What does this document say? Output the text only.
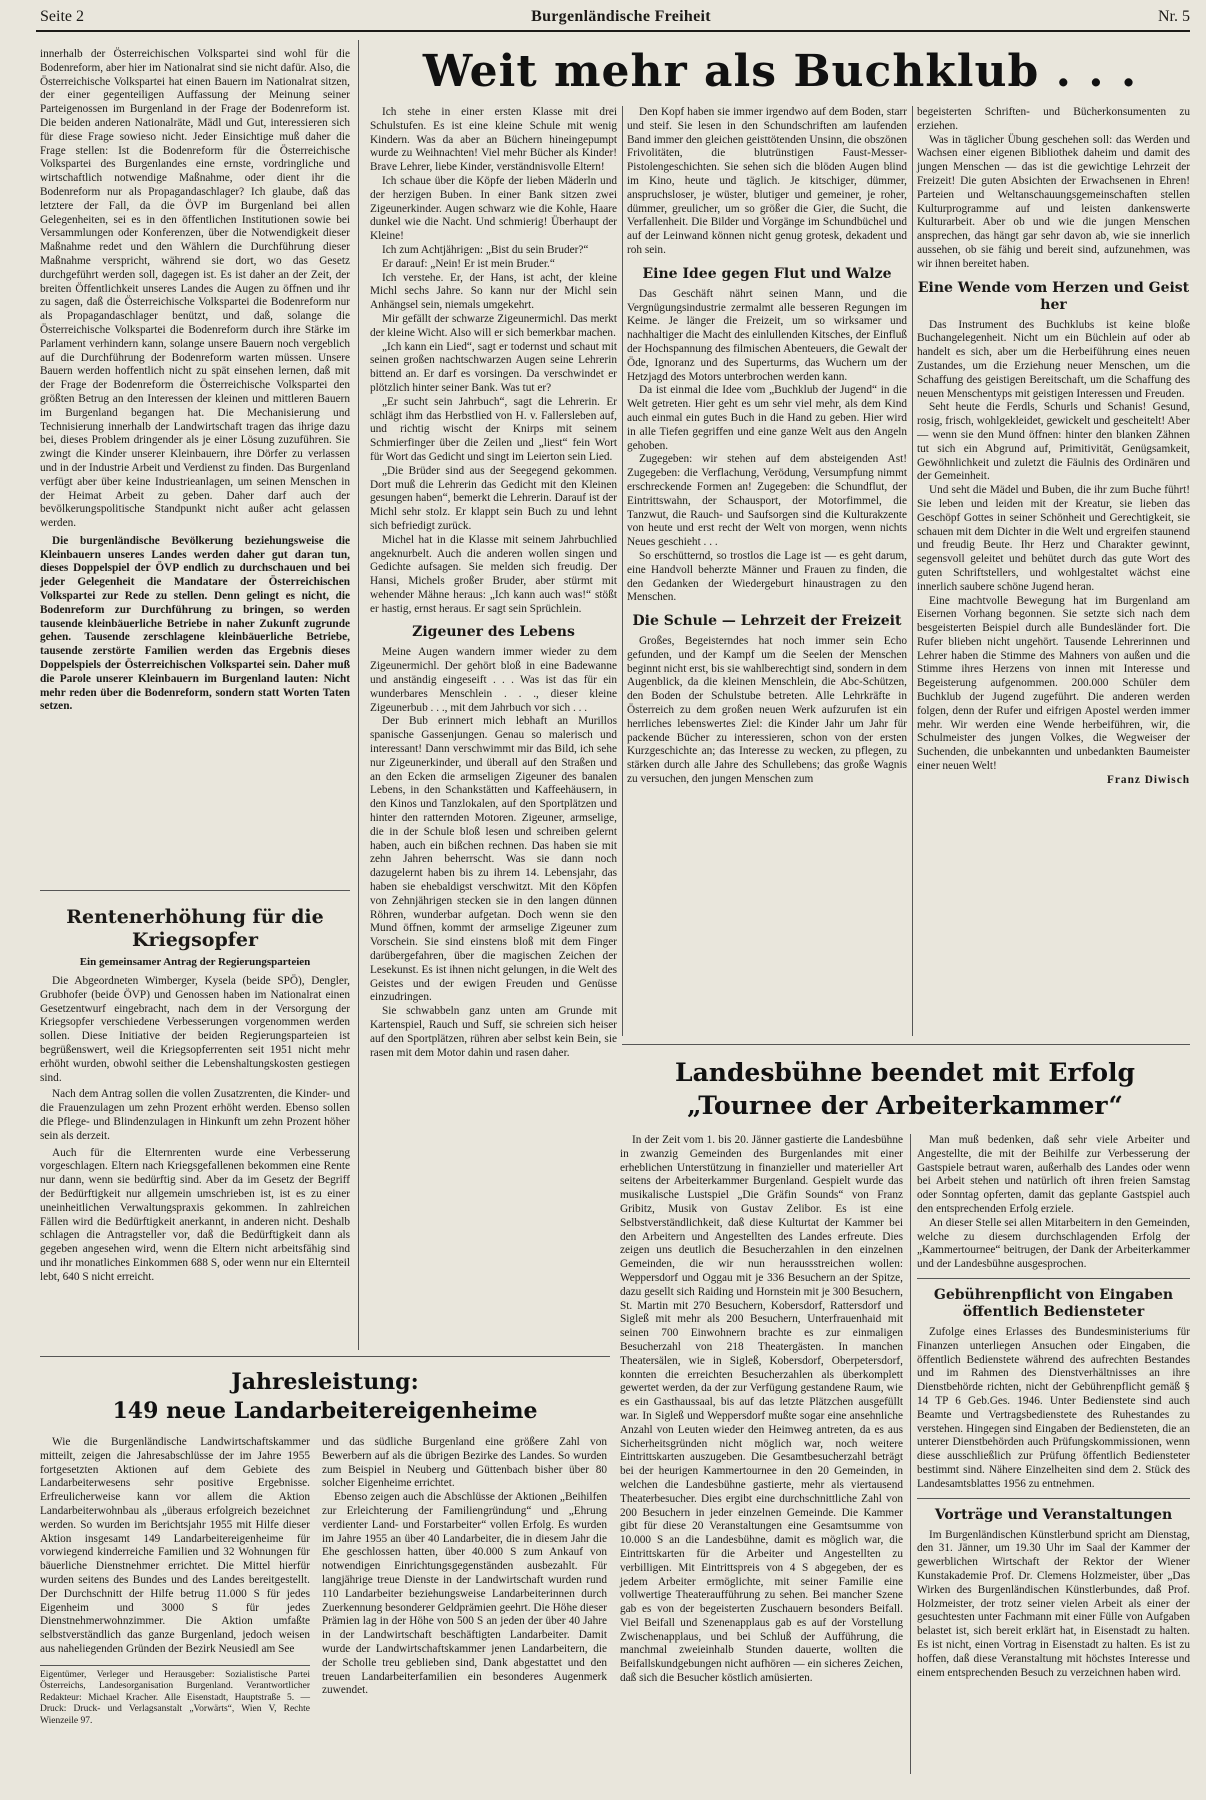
Seite 2	Burgenländische Freiheit	Nr. 5

innerhalb der Österreichischen Volkspartei sind wohl für die Bodenreform, aber hier im Nationalrat sind sie nicht dafür. Also, die Österreichische Volkspartei hat einen Bauern im Nationalrat sitzen, der einer gegenteiligen Auffassung der Meinung seiner Parteigenossen im Burgenland in der Frage der Bodenreform ist. Die beiden anderen Nationalräte, Mädl und Gut, interessieren sich für diese Frage sowieso nicht. Jeder Einsichtige muß daher die Frage stellen: Ist die Bodenreform für die Österreichische Volkspartei des Burgenlandes eine ernste, vordringliche und wirtschaftlich notwendige Maßnahme, oder dient ihr die Bodenreform nur als Propagandaschlager? Ich glaube, daß das letztere der Fall, da die ÖVP im Burgenland bei allen Gelegenheiten, sei es in den öffentlichen Institutionen sowie bei Versammlungen oder Konferenzen, über die Notwendigkeit dieser Maßnahme redet und den Wählern die Durchführung dieser Maßnahme verspricht, während sie dort, wo das Gesetz durchgeführt werden soll, dagegen ist. Es ist daher an der Zeit, der breiten Öffentlichkeit unseres Landes die Augen zu öffnen und ihr zu sagen, daß die Österreichische Volkspartei die Bodenreform nur als Propagandaschlager benützt, und daß, solange die Österreichische Volkspartei die Bodenreform durch ihre Stärke im Parlament verhindern kann, solange unsere Bauern noch vergeblich auf die Durchführung der Bodenreform warten müssen. Unsere Bauern werden hoffentlich nicht zu spät einsehen lernen, daß mit der Frage der Bodenreform die Österreichische Volkspartei den größten Betrug an den Interessen der kleinen und mittleren Bauern im Burgenland begangen hat. Die Mechanisierung und Technisierung innerhalb der Landwirtschaft tragen das ihrige dazu bei, dieses Problem dringender als je einer Lösung zuzuführen. Sie zwingt die Kinder unserer Kleinbauern, ihre Dörfer zu verlassen und in der Industrie Arbeit und Verdienst zu finden. Das Burgenland verfügt aber über keine Industrieanlagen, um seinen Menschen in der Heimat Arbeit zu geben. Daher darf auch der bevölkerungspolitische Standpunkt nicht außer acht gelassen werden.

Die burgenländische Bevölkerung beziehungsweise die Kleinbauern unseres Landes werden daher gut daran tun, dieses Doppelspiel der ÖVP endlich zu durchschauen und bei jeder Gelegenheit die Mandatare der Österreichischen Volkspartei zur Rede zu stellen. Denn gelingt es nicht, die Bodenreform zur Durchführung zu bringen, so werden tausende kleinbäuerliche Betriebe in naher Zukunft zugrunde gehen. Tausende zerschlagene kleinbäuerliche Betriebe, tausende zerstörte Familien werden das Ergebnis dieses Doppelspiels der Österreichischen Volkspartei sein. Daher muß die Parole unserer Kleinbauern im Burgenland lauten: Nicht mehr reden über die Bodenreform, sondern statt Worten Taten setzen.

Rentenerhöhung für die Kriegsopfer
Ein gemeinsamer Antrag der Regierungsparteien

Die Abgeordneten Wimberger, Kysela (beide SPÖ), Dengler, Grubhofer (beide ÖVP) und Genossen haben im Nationalrat einen Gesetzentwurf eingebracht, nach dem in der Versorgung der Kriegsopfer verschiedene Verbesserungen vorgenommen werden sollen. Diese Initiative der beiden Regierungsparteien ist begrüßenswert, weil die Kriegsopferrenten seit 1951 nicht mehr erhöht wurden, obwohl seither die Lebenshaltungskosten gestiegen sind.

Nach dem Antrag sollen die vollen Zusatzrenten, die Kinder- und die Frauenzulagen um zehn Prozent erhöht werden. Ebenso sollen die Pflege- und Blindenzulagen in Hinkunft um zehn Prozent höher sein als derzeit.

Auch für die Elternrenten wurde eine Verbesserung vorgeschlagen. Eltern nach Kriegsgefallenen bekommen eine Rente nur dann, wenn sie bedürftig sind. Aber da im Gesetz der Begriff der Bedürftigkeit nur allgemein umschrieben ist, ist es zu einer uneinheitlichen Verwaltungspraxis gekommen. In zahlreichen Fällen wird die Bedürftigkeit anerkannt, in anderen nicht. Deshalb schlagen die Antragsteller vor, daß die Bedürftigkeit dann als gegeben angesehen wird, wenn die Eltern nicht arbeitsfähig sind und ihr monatliches Einkommen 688 S, oder wenn nur ein Elternteil lebt, 640 S nicht erreicht.

Weit mehr als Buchklub . . .

Ich stehe in einer ersten Klasse mit drei Schulstufen. Es ist eine kleine Schule mit wenig Kindern. Was da aber an Büchern hineingepumpt wurde zu Weihnachten! Viel mehr Bücher als Kinder! Brave Lehrer, liebe Kinder, verständnisvolle Eltern!

Ich schaue über die Köpfe der lieben Mäderln und der herzigen Buben. In einer Bank sitzen zwei Zigeunerkinder. Augen schwarz wie die Kohle, Haare dunkel wie die Nacht. Und schmierig! Überhaupt der Kleine!

Ich zum Achtjährigen: „Bist du sein Bruder?“

Er darauf: „Nein! Er ist mein Bruder.“

Ich verstehe. Er, der Hans, ist acht, der kleine Michl sechs Jahre. So kann nur der Michl sein Anhängsel sein, niemals umgekehrt.

Mir gefällt der schwarze Zigeunermichl. Das merkt der kleine Wicht. Also will er sich bemerkbar machen.

„Ich kann ein Lied“, sagt er todernst und schaut mit seinen großen nachtschwarzen Augen seine Lehrerin bittend an. Er darf es vorsingen. Da verschwindet er plötzlich hinter seiner Bank. Was tut er?

„Er sucht sein Jahrbuch“, sagt die Lehrerin. Er schlägt ihm das Herbstlied von H. v. Fallersleben auf, und richtig wischt der Knirps mit seinem Schmierfinger über die Zeilen und „liest“ fein Wort für Wort das Gedicht und singt im Leierton sein Lied.

„Die Brüder sind aus der Seegegend gekommen. Dort muß die Lehrerin das Gedicht mit den Kleinen gesungen haben“, bemerkt die Lehrerin. Darauf ist der Michl sehr stolz. Er klappt sein Buch zu und lehnt sich befriedigt zurück.

Michel hat in die Klasse mit seinem Jahrbuchlied angeknurbelt. Auch die anderen wollen singen und Gedichte aufsagen. Sie melden sich freudig. Der Hansi, Michels großer Bruder, aber stürmt mit wehender Mähne heraus: „Ich kann auch was!“ stößt er hastig, ernst heraus. Er sagt sein Sprüchlein.

Zigeuner des Lebens

Meine Augen wandern immer wieder zu dem Zigeunermichl. Der gehört bloß in eine Badewanne und anständig eingeseift . . . Was ist das für ein wunderbares Menschlein . . ., dieser kleine Zigeunerbub . . ., mit dem Jahrbuch vor sich . . .

Der Bub erinnert mich lebhaft an Murillos spanische Gassenjungen. Genau so malerisch und interessant! Dann verschwimmt mir das Bild, ich sehe nur Zigeunerkinder, und überall auf den Straßen und an den Ecken die armseligen Zigeuner des banalen Lebens, in den Schankstätten und Kaffeehäusern, in den Kinos und Tanzlokalen, auf den Sportplätzen und hinter den ratternden Motoren. Zigeuner, armselige, die in der Schule bloß lesen und schreiben gelernt haben, auch ein bißchen rechnen. Das haben sie mit zehn Jahren beherrscht. Was sie dann noch dazugelernt haben bis zu ihrem 14. Lebensjahr, das haben sie ehebaldigst verschwitzt. Mit den Köpfen von Zehnjährigen stecken sie in den langen dünnen Röhren, wunderbar aufgetan. Doch wenn sie den Mund öffnen, kommt der armselige Zigeuner zum Vorschein. Sie sind einstens bloß mit dem Finger darübergefahren, über die magischen Zeichen der Lesekunst. Es ist ihnen nicht gelungen, in die Welt des Geistes und der ewigen Freuden und Genüsse einzudringen.

Sie schwabbeln ganz unten am Grunde mit Kartenspiel, Rauch und Suff, sie schreien sich heiser auf den Sportplätzen, rühren aber selbst kein Bein, sie rasen mit dem Motor dahin und rasen daher.

Den Kopf haben sie immer irgendwo auf dem Boden, starr und steif. Sie lesen in den Schundschriften am laufenden Band immer den gleichen geisttötenden Unsinn, die obszönen Frivolitäten, die blutrünstigen Faust-Messer-Pistolengeschichten. Sie sehen sich die blöden Augen blind im Kino, heute und täglich. Je kitschiger, dümmer, anspruchsloser, je wüster, blutiger und gemeiner, je roher, dümmer, greulicher, um so größer die Gier, die Sucht, die Verfallenheit. Die Bilder und Vorgänge im Schundbüchel und auf der Leinwand können nicht genug grotesk, dekadent und roh sein.

Eine Idee gegen Flut und Walze

Das Geschäft nährt seinen Mann, und die Vergnügungsindustrie zermalmt alle besseren Regungen im Keime. Je länger die Freizeit, um so wirksamer und nachhaltiger die Macht des einlullenden Kitsches, der Einfluß der Hochspannung des filmischen Abenteuers, die Gewalt der Öde, Ignoranz und des Superturms, das Wuchern um der Hetzjagd des Motors unterbrochen werden kann.

Da ist einmal die Idee vom „Buchklub der Jugend“ in die Welt getreten. Hier geht es um sehr viel mehr, als dem Kind auch einmal ein gutes Buch in die Hand zu geben. Hier wird in alle Tiefen gegriffen und eine ganze Welt aus den Angeln gehoben.

Zugegeben: wir stehen auf dem absteigenden Ast! Zugegeben: die Verflachung, Verödung, Versumpfung nimmt erschreckende Formen an! Zugegeben: die Schundflut, der Eintrittswahn, der Schausport, der Motorfimmel, die Tanzwut, die Rauch- und Saufsorgen sind die Kulturakzente von heute und erst recht der Welt von morgen, wenn nichts Neues geschieht . . .

So erschütternd, so trostlos die Lage ist — es geht darum, eine Handvoll beherzte Männer und Frauen zu finden, die den Gedanken der Wiedergeburt hinaustragen zu den Menschen.

Die Schule — Lehrzeit der Freizeit

Großes, Begeisterndes hat noch immer sein Echo gefunden, und der Kampf um die Seelen der Menschen beginnt nicht erst, bis sie wahlberechtigt sind, sondern in dem Augenblick, da die kleinen Menschlein, die Abc-Schützen, den Boden der Schulstube betreten. Alle Lehrkräfte in Österreich zu dem großen neuen Werk aufzurufen ist ein herrliches lebenswertes Ziel: die Kinder Jahr um Jahr für packende Bücher zu interessieren, schon von der ersten Kurzgeschichte an; das Interesse zu wecken, zu pflegen, zu stärken durch alle Jahre des Schullebens; das große Wagnis zu versuchen, den jungen Menschen zum

begeisterten Schriften- und Bücherkonsumenten zu erziehen.

Was in täglicher Übung geschehen soll: das Werden und Wachsen einer eigenen Bibliothek daheim und damit des jungen Menschen — das ist die gewichtige Lehrzeit der Freizeit! Die guten Absichten der Erwachsenen in Ehren! Parteien und Weltanschauungsgemeinschaften stellen Kulturprogramme auf und leisten dankenswerte Kulturarbeit. Aber ob und wie die jungen Menschen ansprechen, das hängt gar sehr davon ab, wie sie innerlich aussehen, ob sie fähig und bereit sind, aufzunehmen, was wir ihnen bereitet haben.

Eine Wende vom Herzen und Geist her

Das Instrument des Buchklubs ist keine bloße Buchangelegenheit. Nicht um ein Büchlein auf oder ab handelt es sich, aber um die Herbeiführung eines neuen Zustandes, um die Erziehung neuer Menschen, um die Schaffung des geistigen Bereitschaft, um die Schaffung des neuen Menschentyps mit geistigen Interessen und Freuden.

Seht heute die Ferdls, Schurls und Schanis! Gesund, rosig, frisch, wohlgekleidet, gewickelt und gescheitelt! Aber — wenn sie den Mund öffnen: hinter den blanken Zähnen tut sich ein Abgrund auf, Primitivität, Genügsamkeit, Gewöhnlichkeit und zuletzt die Fäulnis des Ordinären und der Gemeinheit.

Und seht die Mädel und Buben, die ihr zum Buche führt! Sie leben und leiden mit der Kreatur, sie lieben das Geschöpf Gottes in seiner Schönheit und Gerechtigkeit, sie schauen mit dem Dichter in die Welt und ergreifen staunend und freudig Beute. Ihr Herz und Charakter gewinnt, segensvoll geleitet und behütet durch das gute Wort des guten Schriftstellers, und wohlgestaltet wächst eine innerlich saubere schöne Jugend heran.

Eine machtvolle Bewegung hat im Burgenland am Eisernen Vorhang begonnen. Sie setzte sich nach dem besgeisterten Beispiel durch alle Bundesländer fort. Die Rufer blieben nicht ungehört. Tausende Lehrerinnen und Lehrer haben die Stimme des Mahners von außen und die Stimme ihres Herzens von innen mit Interesse und Begeisterung aufgenommen. 200.000 Schüler dem Buchklub der Jugend zugeführt. Die anderen werden folgen, denn der Rufer und eifrigen Apostel werden immer mehr. Wir werden eine Wende herbeiführen, wir, die Schulmeister des jungen Volkes, die Wegweiser der Suchenden, die unbekannten und unbedankten Baumeister einer neuen Welt!

Franz Diwisch
Landesbühne beendet mit Erfolg „Tournee der Arbeiterkammer“

In der Zeit vom 1. bis 20. Jänner gastierte die Landesbühne in zwanzig Gemeinden des Burgenlandes mit einer erheblichen Unterstützung in finanzieller und materieller Art seitens der Arbeiterkammer Burgenland. Gespielt wurde das musikalische Lustspiel „Die Gräfin Sounds“ von Franz Gribitz, Musik von Gustav Zelibor. Es ist eine Selbstverständlichkeit, daß diese Kulturtat der Kammer bei den Arbeitern und Angestellten des Landes erfreute. Dies zeigen uns deutlich die Besucherzahlen in den einzelnen Gemeinden, die wir nun heraussstreichen wollen: Weppersdorf und Oggau mit je 336 Besuchern an der Spitze, dazu gesellt sich Raiding und Hornstein mit je 300 Besuchern, St. Martin mit 270 Besuchern, Kobersdorf, Rattersdorf und Sigleß mit mehr als 200 Besuchern, Unterfrauenhaid mit seinen 700 Einwohnern brachte es zur einmaligen Besucherzahl von 218 Theatergästen. In manchen Theatersälen, wie in Sigleß, Kobersdorf, Oberpetersdorf, konnten die erreichten Besucherzahlen als überkomplett gewertet werden, da der zur Verfügung gestandene Raum, wie es ein Gasthaussaal, bis auf das letzte Plätzchen ausgefüllt war. In Sigleß und Weppersdorf mußte sogar eine ansehnliche Anzahl von Leuten wieder den Heimweg antreten, da es aus Sicherheitsgründen nicht möglich war, noch weitere Eintrittskarten auszugeben. Die Gesamtbesucherzahl beträgt bei der heurigen Kammertournee in den 20 Gemeinden, in welchen die Landesbühne gastierte, mehr als viertausend Theaterbesucher. Dies ergibt eine durchschnittliche Zahl von 200 Besuchern in jeder einzelnen Gemeinde. Die Kammer gibt für diese 20 Veranstaltungen eine Gesamtsumme von 10.000 S an die Landesbühne, damit es möglich war, die Eintrittskarten für die Arbeiter und Angestellten zu verbilligen. Mit Eintrittspreis von 4 S abgegeben, der es jedem Arbeiter ermöglichte, mit seiner Familie eine vollwertige Theateraufführung zu sehen. Bei mancher Szene gab es von der begeisterten Zuschauern besonders Beifall. Viel Beifall und Szenenapplaus gab es auf der Vorstellung Zwischenapplaus, und bei Schluß der Aufführung, die manchmal zweieinhalb Stunden dauerte, wollten die Beifallskundgebungen nicht aufhören — ein sicheres Zeichen, daß sich die Besucher köstlich amüsierten.

Man muß bedenken, daß sehr viele Arbeiter und Angestellte, die mit der Beihilfe zur Verbesserung der Gastspiele betraut waren, außerhalb des Landes oder wenn bei Arbeit stehen und natürlich oft ihren freien Samstag oder Sonntag opferten, damit das geplante Gastspiel auch den entsprechenden Erfolg erziele.

An dieser Stelle sei allen Mitarbeitern in den Gemeinden, welche zu diesem durchschlagenden Erfolg der „Kammertournee“ beitrugen, der Dank der Arbeiterkammer und der Landesbühne ausgesprochen.

Gebührenpflicht von Eingaben öffentlich Bediensteter

Zufolge eines Erlasses des Bundesministeriums für Finanzen unterliegen Ansuchen oder Eingaben, die öffentlich Bedienstete während des aufrechten Bestandes und im Rahmen des Dienstverhältnisses an ihre Dienstbehörde richten, nicht der Gebührenpflicht gemäß § 14 TP 6 Geb.Ges. 1946. Unter Bedienstete sind auch Beamte und Vertragsbedienstete des Ruhestandes zu verstehen. Hingegen sind Eingaben der Bediensteten, die an unterer Dienstbehörden auch Prüfungskommissionen, wenn diese ausschließlich zur Prüfung öffentlich Bediensteter bestimmt sind. Nähere Einzelheiten sind dem 2. Stück des Landesamtsblattes 1956 zu entnehmen.

Vorträge und Veranstaltungen

Im Burgenländischen Künstlerbund spricht am Dienstag, den 31. Jänner, um 19.30 Uhr im Saal der Kammer der gewerblichen Wirtschaft der Rektor der Wiener Kunstakademie Prof. Dr. Clemens Holzmeister, über „Das Wirken des Burgenländischen Künstlerbundes, daß Prof. Holzmeister, der trotz seiner vielen Arbeit als einer der gesuchtesten unter Fachmann mit einer Fülle von Aufgaben belastet ist, sich bereit erklärt hat, in Eisenstadt zu halten. Es ist nicht, einen Vortrag in Eisenstadt zu halten. Es ist zu hoffen, daß diese Veranstaltung mit höchstes Interesse und einem entsprechenden Besuch zu verzeichnen haben wird.

Jahresleistung:
149 neue Landarbeitereigenheime

Wie die Burgenländische Landwirtschaftskammer mitteilt, zeigen die Jahresabschlüsse der im Jahre 1955 fortgesetzten Aktionen auf dem Gebiete des Landarbeiterwesens sehr positive Ergebnisse. Erfreulicherweise kann vor allem die Aktion Landarbeiterwohnbau als „überaus erfolgreich bezeichnet werden. So wurden im Berichtsjahr 1955 mit Hilfe dieser Aktion insgesamt 149 Landarbeitereigenheime für vorwiegend kinderreiche Familien und 32 Wohnungen für bäuerliche Dienstnehmer errichtet. Die Mittel hierfür wurden seitens des Bundes und des Landes bereitgestellt. Der Durchschnitt der Hilfe betrug 11.000 S für jedes Eigenheim und 3000 S für jedes Dienstnehmerwohnzimmer. Die Aktion umfaßte selbstverständlich das ganze Burgenland, jedoch weisen aus naheliegenden Gründen der Bezirk Neusiedl am See

Eigentümer, Verleger und Herausgeber: Sozialistische Partei Österreichs, Landesorganisation Burgenland. Verantwortlicher Redakteur: Michael Kracher. Alle Eisenstadt, Hauptstraße 5. — Druck: Druck- und Verlagsanstalt „Vorwärts“, Wien V, Rechte Wienzeile 97.

und das südliche Burgenland eine größere Zahl von Bewerbern auf als die übrigen Bezirke des Landes. So wurden zum Beispiel in Neuberg und Güttenbach bisher über 80 solcher Eigenheime errichtet.

Ebenso zeigen auch die Abschlüsse der Aktionen „Beihilfen zur Erleichterung der Familiengründung“ und „Ehrung verdienter Land- und Forstarbeiter“ vollen Erfolg. Es wurden im Jahre 1955 an über 40 Landarbeiter, die in diesem Jahr die Ehe geschlossen hatten, über 40.000 S zum Ankauf von notwendigen Einrichtungsgegenständen ausbezahlt. Für langjährige treue Dienste in der Landwirtschaft wurden rund 110 Landarbeiter beziehungsweise Landarbeiterinnen durch Zuerkennung besonderer Geldprämien geehrt. Die Höhe dieser Prämien lag in der Höhe von 500 S an jeden der über 40 Jahre in der Landwirtschaft beschäftigten Landarbeiter. Damit wurde der Landwirtschaftskammer jenen Landarbeitern, die der Scholle treu geblieben sind, Dank abgestattet und den treuen Landarbeiterfamilien ein besonderes Augenmerk zuwendet.
